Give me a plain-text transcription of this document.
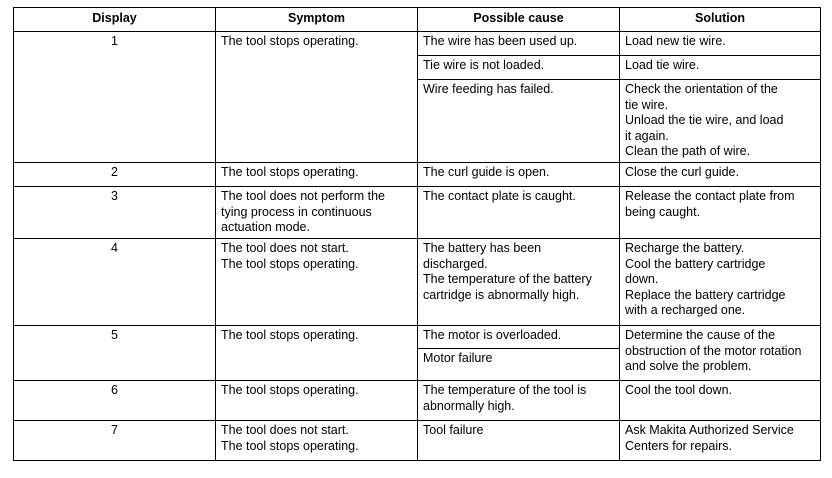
Display	Symptom	Possible cause	Solution
1	The tool stops operating.	The wire has been used up.	Load new tie wire.

		Tie wire is not loaded.	Load tie wire.

		Wire feeding has failed.	Check the orientation of the
tie wire.
Unload the tie wire, and load
it again.
Clean the path of wire.

2	The tool stops operating.	The curl guide is open.	Close the curl guide.

3	The tool does not perform the
tying process in continuous
actuation mode.	The contact plate is caught.	Release the contact plate from
being caught.

4	The tool does not start.
The tool stops operating.	The battery has been
discharged.
The temperature of the battery
cartridge is abnormally high.	Recharge the battery.
Cool the battery cartridge
down.
Replace the battery cartridge
with a recharged one.

5	The tool stops operating.	The motor is overloaded.	Determine the cause of the
obstruction of the motor rotation
and solve the problem.

		Motor failure	

6	The tool stops operating.	The temperature of the tool is
abnormally high.	Cool the tool down.

7	The tool does not start.
The tool stops operating.	Tool failure	Ask Makita Authorized Service
Centers for repairs.
